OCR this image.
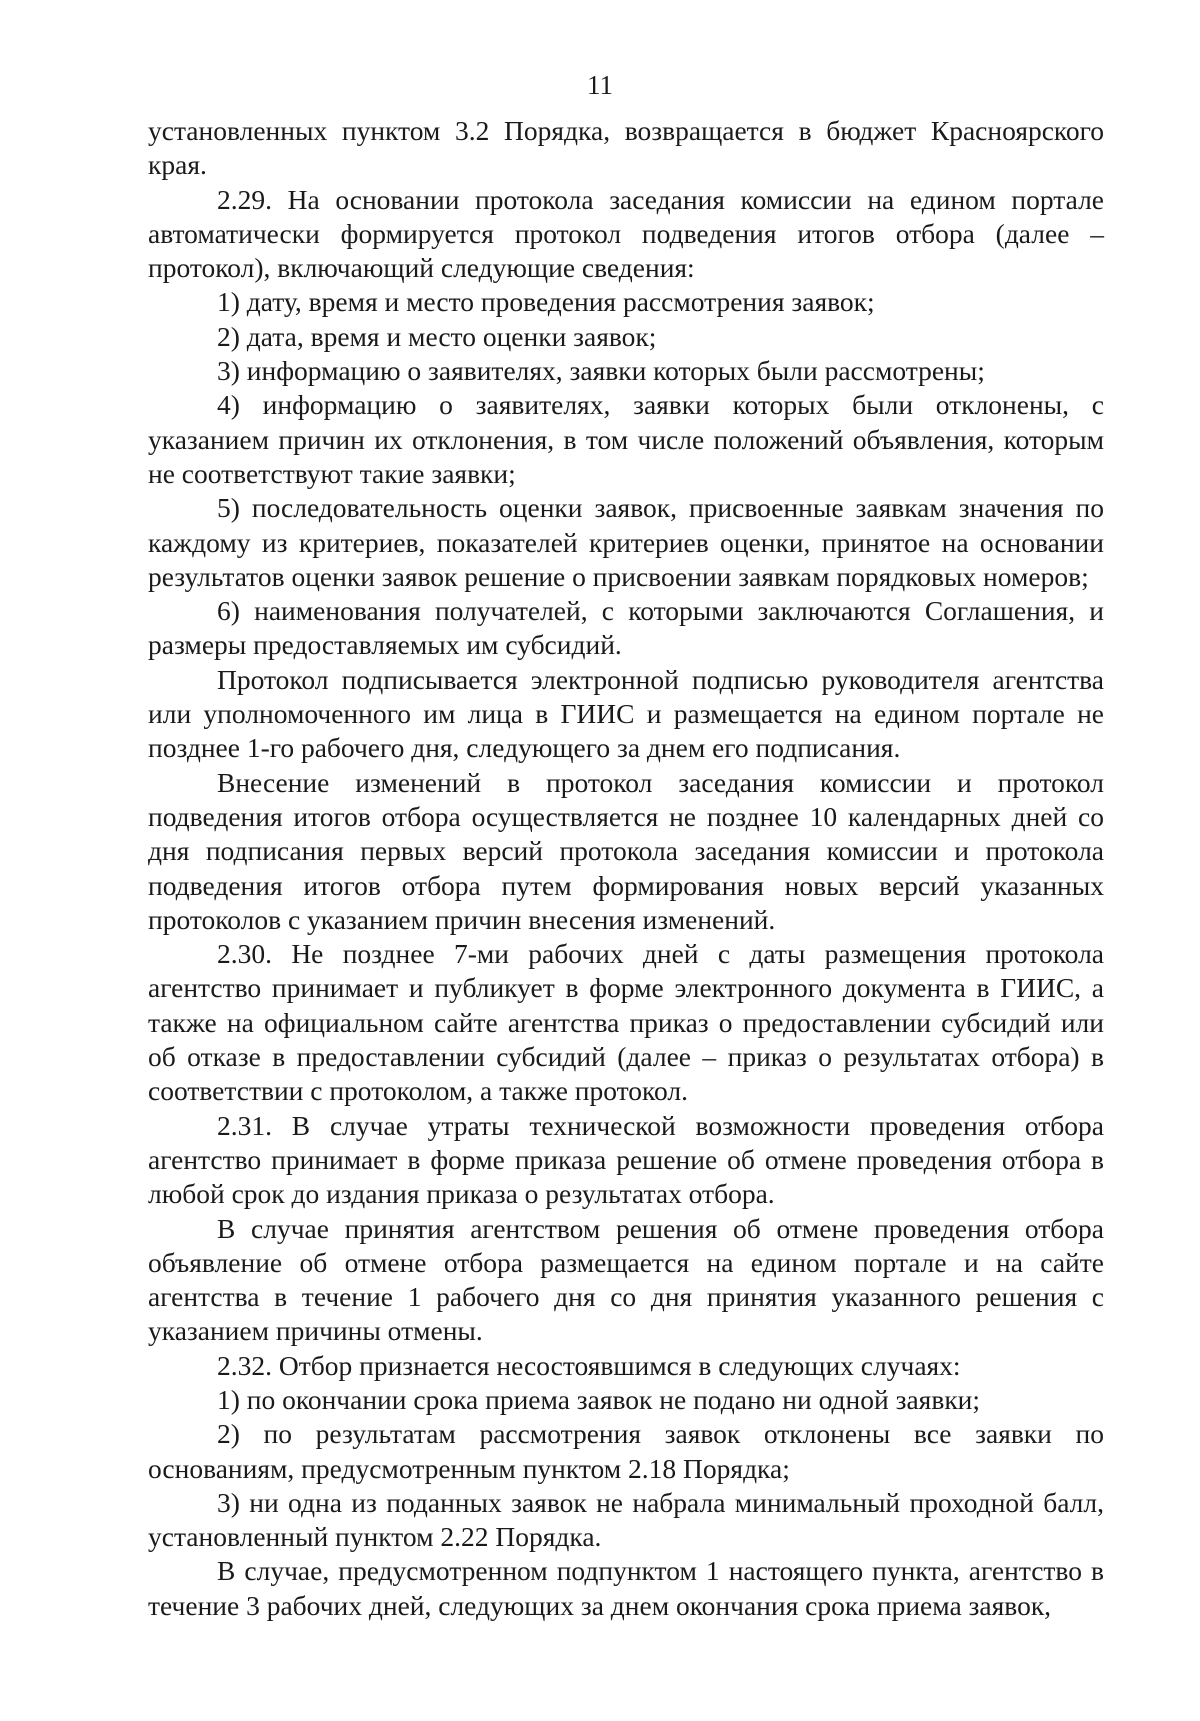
11

установленных пунктом 3.2 Порядка, возвращается в бюджет Красноярского края.

2.29. На основании протокола заседания комиссии на едином портале автоматически формируется протокол подведения итогов отбора (далее – протокол), включающий следующие сведения:

1) дату, время и место проведения рассмотрения заявок;

2) дата, время и место оценки заявок;

3) информацию о заявителях, заявки которых были рассмотрены;

4) информацию о заявителях, заявки которых были отклонены, с указанием причин их отклонения, в том числе положений объявления, которым не соответствуют такие заявки;

5) последовательность оценки заявок, присвоенные заявкам значения по каждому из критериев, показателей критериев оценки, принятое на основании результатов оценки заявок решение о присвоении заявкам порядковых номеров;

6) наименования получателей, с которыми заключаются Соглашения, и размеры предоставляемых им субсидий.

Протокол подписывается электронной подписью руководителя агентства или уполномоченного им лица в ГИИС и размещается на едином портале не позднее 1-го рабочего дня, следующего за днем его подписания.

Внесение изменений в протокол заседания комиссии и протокол подведения итогов отбора осуществляется не позднее 10 календарных дней со дня подписания первых версий протокола заседания комиссии и протокола подведения итогов отбора путем формирования новых версий указанных протоколов с указанием причин внесения изменений.

2.30. Не позднее 7-ми рабочих дней с даты размещения протокола агентство принимает и публикует в форме электронного документа в ГИИС, а также на официальном сайте агентства приказ о предоставлении субсидий или об отказе в предоставлении субсидий (далее – приказ о результатах отбора) в соответствии с протоколом, а также протокол.

2.31. В случае утраты технической возможности проведения отбора агентство принимает в форме приказа решение об отмене проведения отбора в любой срок до издания приказа о результатах отбора.

В случае принятия агентством решения об отмене проведения отбора объявление об отмене отбора размещается на едином портале и на сайте агентства в течение 1 рабочего дня со дня принятия указанного решения с указанием причины отмены.

2.32. Отбор признается несостоявшимся в следующих случаях:

1) по окончании срока приема заявок не подано ни одной заявки;

2) по результатам рассмотрения заявок отклонены все заявки по основаниям, предусмотренным пунктом 2.18 Порядка;

3) ни одна из поданных заявок не набрала минимальный проходной балл, установленный пунктом 2.22 Порядка.

В случае, предусмотренном подпунктом 1 настоящего пункта, агентство в течение 3 рабочих дней, следующих за днем окончания срока приема заявок,
